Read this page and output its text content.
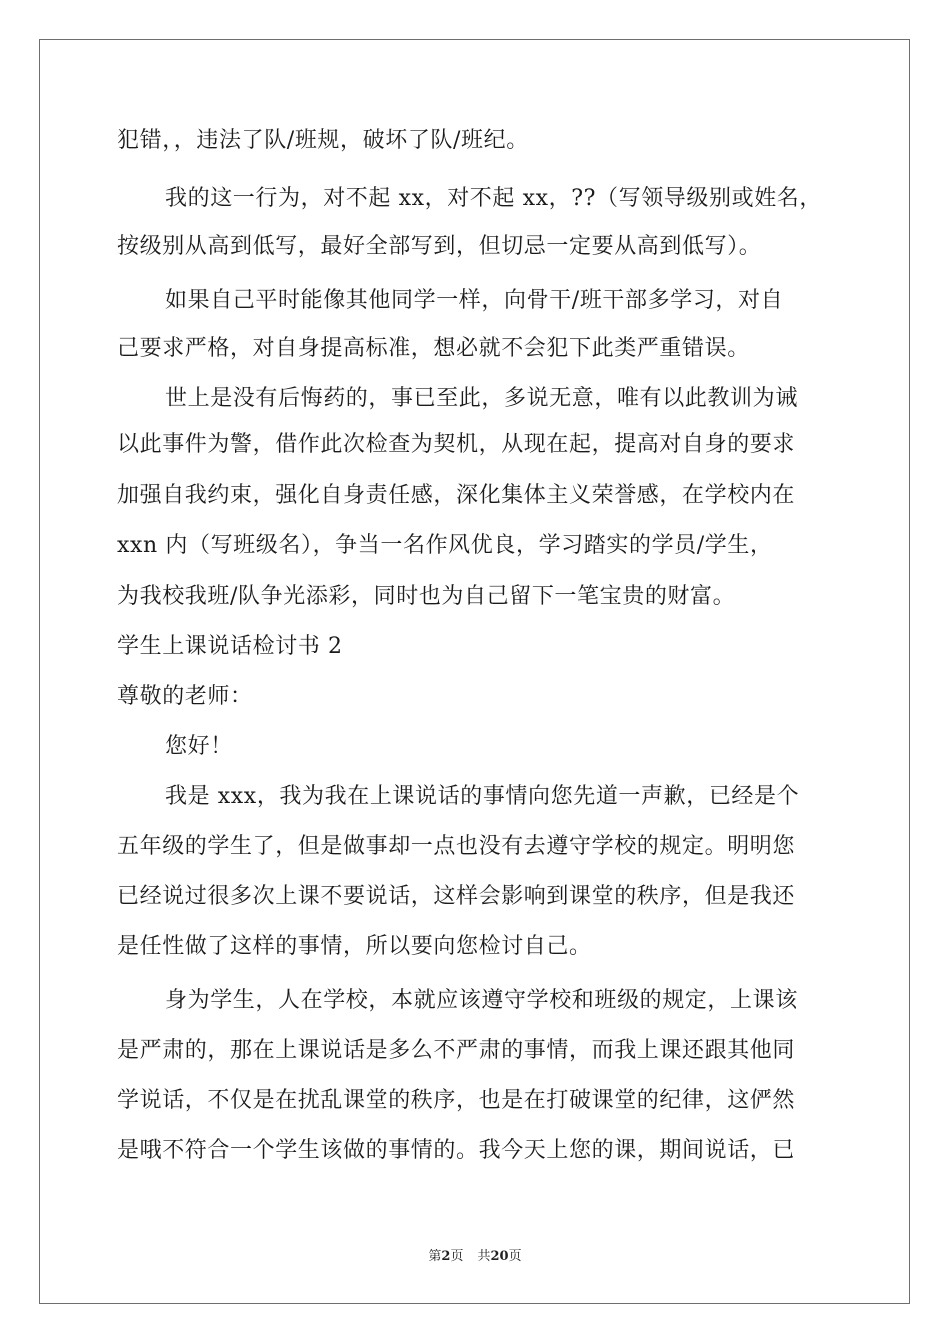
犯错，，违法了队/班规，破坏了队/班纪。
我的这一行为，对不起 xx，对不起 xx，??（写领导级别或姓名，
按级别从高到低写，最好全部写到，但切忌一定要从高到低写）。
如果自己平时能像其他同学一样，向骨干/班干部多学习，对自
己要求严格，对自身提高标准，想必就不会犯下此类严重错误。
世上是没有后悔药的，事已至此，多说无意，唯有以此教训为诫
以此事件为警，借作此次检查为契机，从现在起，提高对自身的要求
加强自我约束，强化自身责任感，深化集体主义荣誉感，在学校内在
xxn 内（写班级名），争当一名作风优良，学习踏实的学员/学生，
为我校我班/队争光添彩，同时也为自己留下一笔宝贵的财富。
学生上课说话检讨书 2
尊敬的老师：
您好！
我是 xxx，我为我在上课说话的事情向您先道一声歉，已经是个
五年级的学生了，但是做事却一点也没有去遵守学校的规定。明明您
已经说过很多次上课不要说话，这样会影响到课堂的秩序，但是我还
是任性做了这样的事情，所以要向您检讨自己。
身为学生，人在学校，本就应该遵守学校和班级的规定，上课该
是严肃的，那在上课说话是多么不严肃的事情，而我上课还跟其他同
学说话，不仅是在扰乱课堂的秩序，也是在打破课堂的纪律，这俨然
是哦不符合一个学生该做的事情的。我今天上您的课，期间说话，已
第2页 共20页
